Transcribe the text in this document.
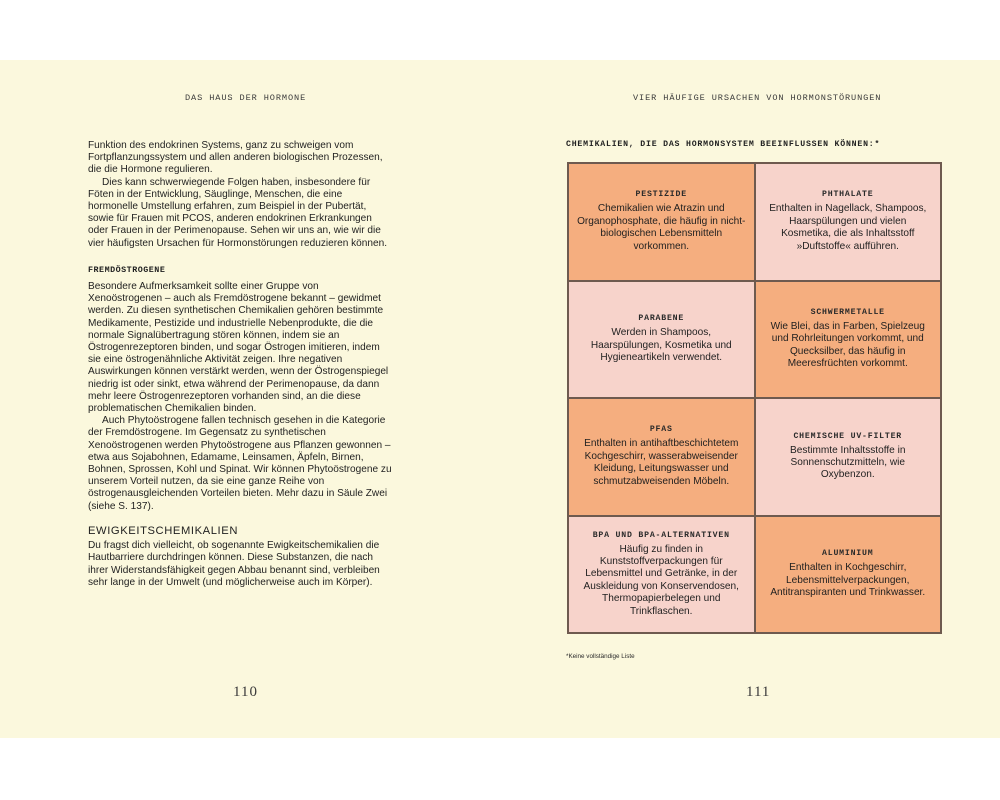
DAS HAUS DER HORMONE	VIER HÄUFIGE URSACHEN VON HORMONSTÖRUNGEN

Funktion des endokrinen Systems, ganz zu schweigen vom Fortpflanzungssystem und allen anderen biologischen Prozessen, die die Hormone regulieren.

Dies kann schwerwiegende Folgen haben, insbesondere für Föten in der Entwicklung, Säuglinge, Menschen, die eine hormonelle Umstellung erfahren, zum Beispiel in der Pubertät, sowie für Frauen mit PCOS, anderen endokrinen Erkrankungen oder Frauen in der Perimenopause. Sehen wir uns an, wie wir die vier häufigsten Ursachen für Hormonstörungen reduzieren können.

FREMDÖSTROGENE

Besondere Aufmerksamkeit sollte einer Gruppe von Xenoöstrogenen – auch als Fremdöstrogene bekannt – gewidmet werden. Zu diesen synthetischen Chemikalien gehören bestimmte Medikamente, Pestizide und industrielle Nebenprodukte, die die normale Signalübertragung stören können, indem sie an Östrogenrezeptoren binden, und sogar Östrogen imitieren, indem sie eine östrogenähnliche Aktivität zeigen. Ihre negativen Auswirkungen können verstärkt werden, wenn der Östrogenspiegel niedrig ist oder sinkt, etwa während der Perimenopause, da dann mehr leere Östrogenrezeptoren vorhanden sind, an die diese problematischen Chemikalien binden.

Auch Phytoöstrogene fallen technisch gesehen in die Kategorie der Fremdöstrogene. Im Gegensatz zu synthetischen Xenoöstrogenen werden Phytoöstrogene aus Pflanzen gewonnen – etwa aus Sojabohnen, Edamame, Leinsamen, Äpfeln, Birnen, Bohnen, Sprossen, Kohl und Spinat. Wir können Phytoöstrogene zu unserem Vorteil nutzen, da sie eine ganze Reihe von östrogenausgleichenden Vorteilen bieten. Mehr dazu in Säule Zwei (siehe S. 137).

EWIGKEITSCHEMIKALIEN

Du fragst dich vielleicht, ob sogenannte Ewigkeitschemikalien die Hautbarriere durchdringen können. Diese Substanzen, die nach ihrer Widerstandsfähigkeit gegen Abbau benannt sind, verbleiben sehr lange in der Umwelt (und möglicherweise auch im Körper).

CHEMIKALIEN, DIE DAS HORMONSYSTEM BEEINFLUSSEN KÖNNEN:*
PESTIZIDE
Chemikalien wie Atrazin und Organophosphate, die häufig in nicht-biologischen Lebensmitteln vorkommen.
PHTHALATE
Enthalten in Nagellack, Shampoos, Haarspülungen und vielen Kosmetika, die als Inhaltsstoff »Duftstoffe« aufführen.
PARABENE
Werden in Shampoos, Haarspülungen, Kosmetika und Hygieneartikeln verwendet.
SCHWERMETALLE
Wie Blei, das in Farben, Spielzeug und Rohrleitungen vorkommt, und Quecksilber, das häufig in Meeresfrüchten vorkommt.
PFAS
Enthalten in antihaftbeschichtetem Kochgeschirr, wasserabweisender Kleidung, Leitungswasser und schmutzabweisenden Möbeln.
CHEMISCHE UV-FILTER
Bestimmte Inhaltsstoffe in Sonnenschutzmitteln, wie Oxybenzon.
BPA UND BPA-ALTERNATIVEN
Häufig zu finden in Kunststoffverpackungen für Lebensmittel und Getränke, in der Auskleidung von Konservendosen, Thermopapierbelegen und Trinkflaschen.
ALUMINIUM
Enthalten in Kochgeschirr, Lebensmittelverpackungen, Antitranspiranten und Trinkwasser.
*Keine vollständige Liste
110	111
